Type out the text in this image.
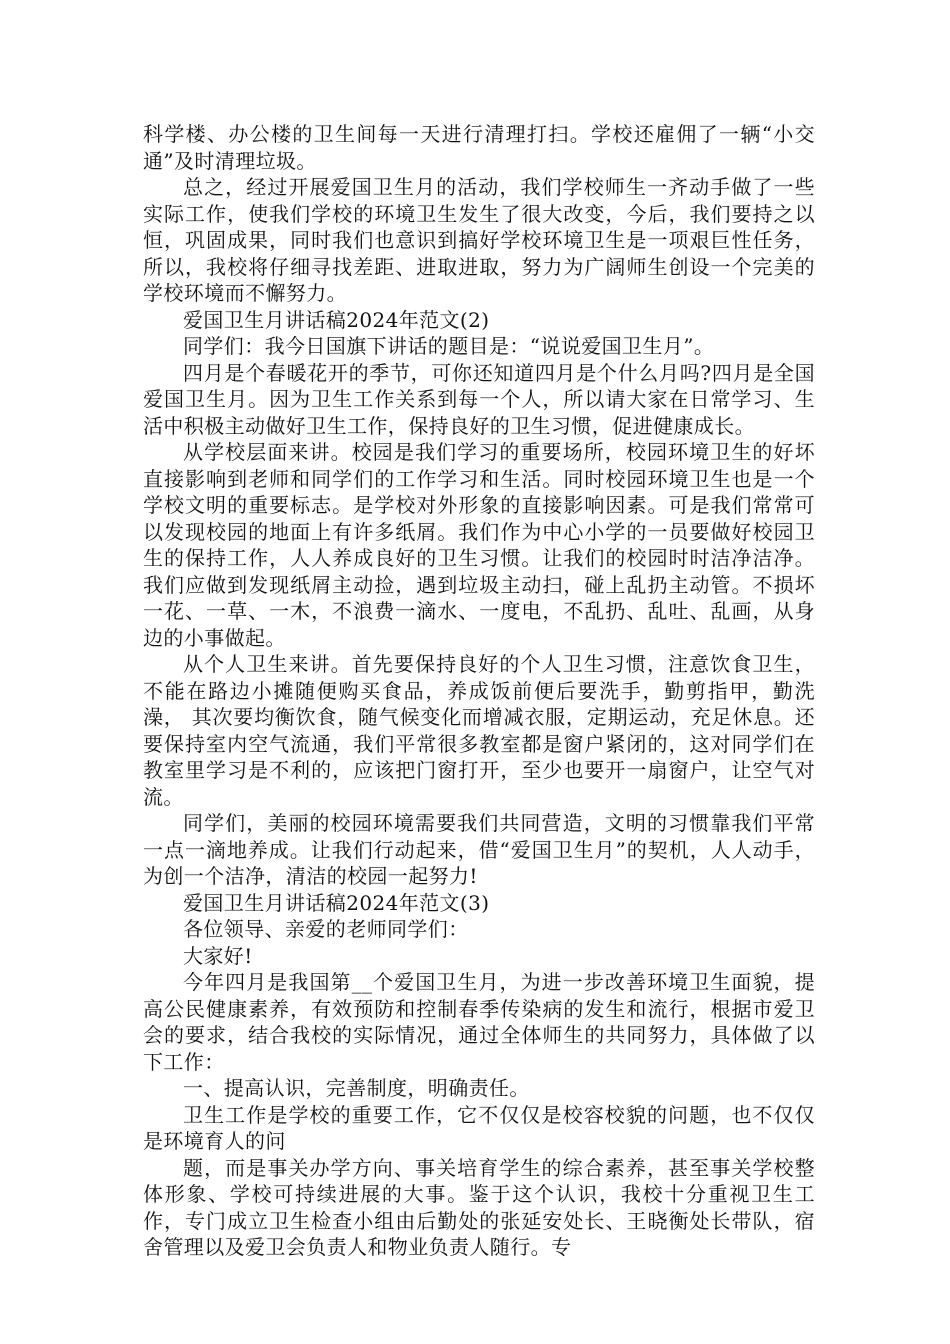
科学楼、办公楼的卫生间每一天进行清理打扫。学校还雇佣了一辆“小交通”及时清理垃圾。

总之，经过开展爱国卫生月的活动，我们学校师生一齐动手做了一些实际工作，使我们学校的环境卫生发生了很大改变，今后，我们要持之以恒，巩固成果，同时我们也意识到搞好学校环境卫生是一项艰巨性任务，所以，我校将仔细寻找差距、进取进取，努力为广阔师生创设一个完美的学校环境而不懈努力。

爱国卫生月讲话稿2024年范文(2)

同学们：我今日国旗下讲话的题目是：“说说爱国卫生月”。

四月是个春暖花开的季节，可你还知道四月是个什么月吗?四月是全国爱国卫生月。因为卫生工作关系到每一个人，所以请大家在日常学习、生活中积极主动做好卫生工作，保持良好的卫生习惯，促进健康成长。

从学校层面来讲。校园是我们学习的重要场所，校园环境卫生的好坏直接影响到老师和同学们的工作学习和生活。同时校园环境卫生也是一个学校文明的重要标志。是学校对外形象的直接影响因素。可是我们常常可以发现校园的地面上有许多纸屑。我们作为中心小学的一员要做好校园卫生的保持工作，人人养成良好的卫生习惯。让我们的校园时时洁净洁净。我们应做到发现纸屑主动捡，遇到垃圾主动扫，碰上乱扔主动管。不损坏一花、一草、一木，不浪费一滴水、一度电，不乱扔、乱吐、乱画，从身边的小事做起。

从个人卫生来讲。首先要保持良好的个人卫生习惯，注意饮食卫生，不能在路边小摊随便购买食品，养成饭前便后要洗手，勤剪指甲，勤洗澡， 其次要均衡饮食，随气候变化而增减衣服，定期运动，充足休息。还要保持室内空气流通，我们平常很多教室都是窗户紧闭的，这对同学们在教室里学习是不利的，应该把门窗打开，至少也要开一扇窗户，让空气对流。

同学们，美丽的校园环境需要我们共同营造，文明的习惯靠我们平常一点一滴地养成。让我们行动起来，借“爱国卫生月”的契机，人人动手，为创一个洁净，清洁的校园一起努力!

爱国卫生月讲话稿2024年范文(3)

各位领导、亲爱的老师同学们：

大家好!

今年四月是我国第__个爱国卫生月，为进一步改善环境卫生面貌，提高公民健康素养，有效预防和控制春季传染病的发生和流行，根据市爱卫会的要求，结合我校的实际情况，通过全体师生的共同努力，具体做了以下工作：

一、提高认识，完善制度，明确责任。

卫生工作是学校的重要工作，它不仅仅是校容校貌的问题，也不仅仅是环境育人的问

题，而是事关办学方向、事关培育学生的综合素养，甚至事关学校整体形象、学校可持续进展的大事。鉴于这个认识，我校十分重视卫生工作，专门成立卫生检查小组由后勤处的张延安处长、王晓衡处长带队，宿舍管理以及爱卫会负责人和物业负责人随行。专
